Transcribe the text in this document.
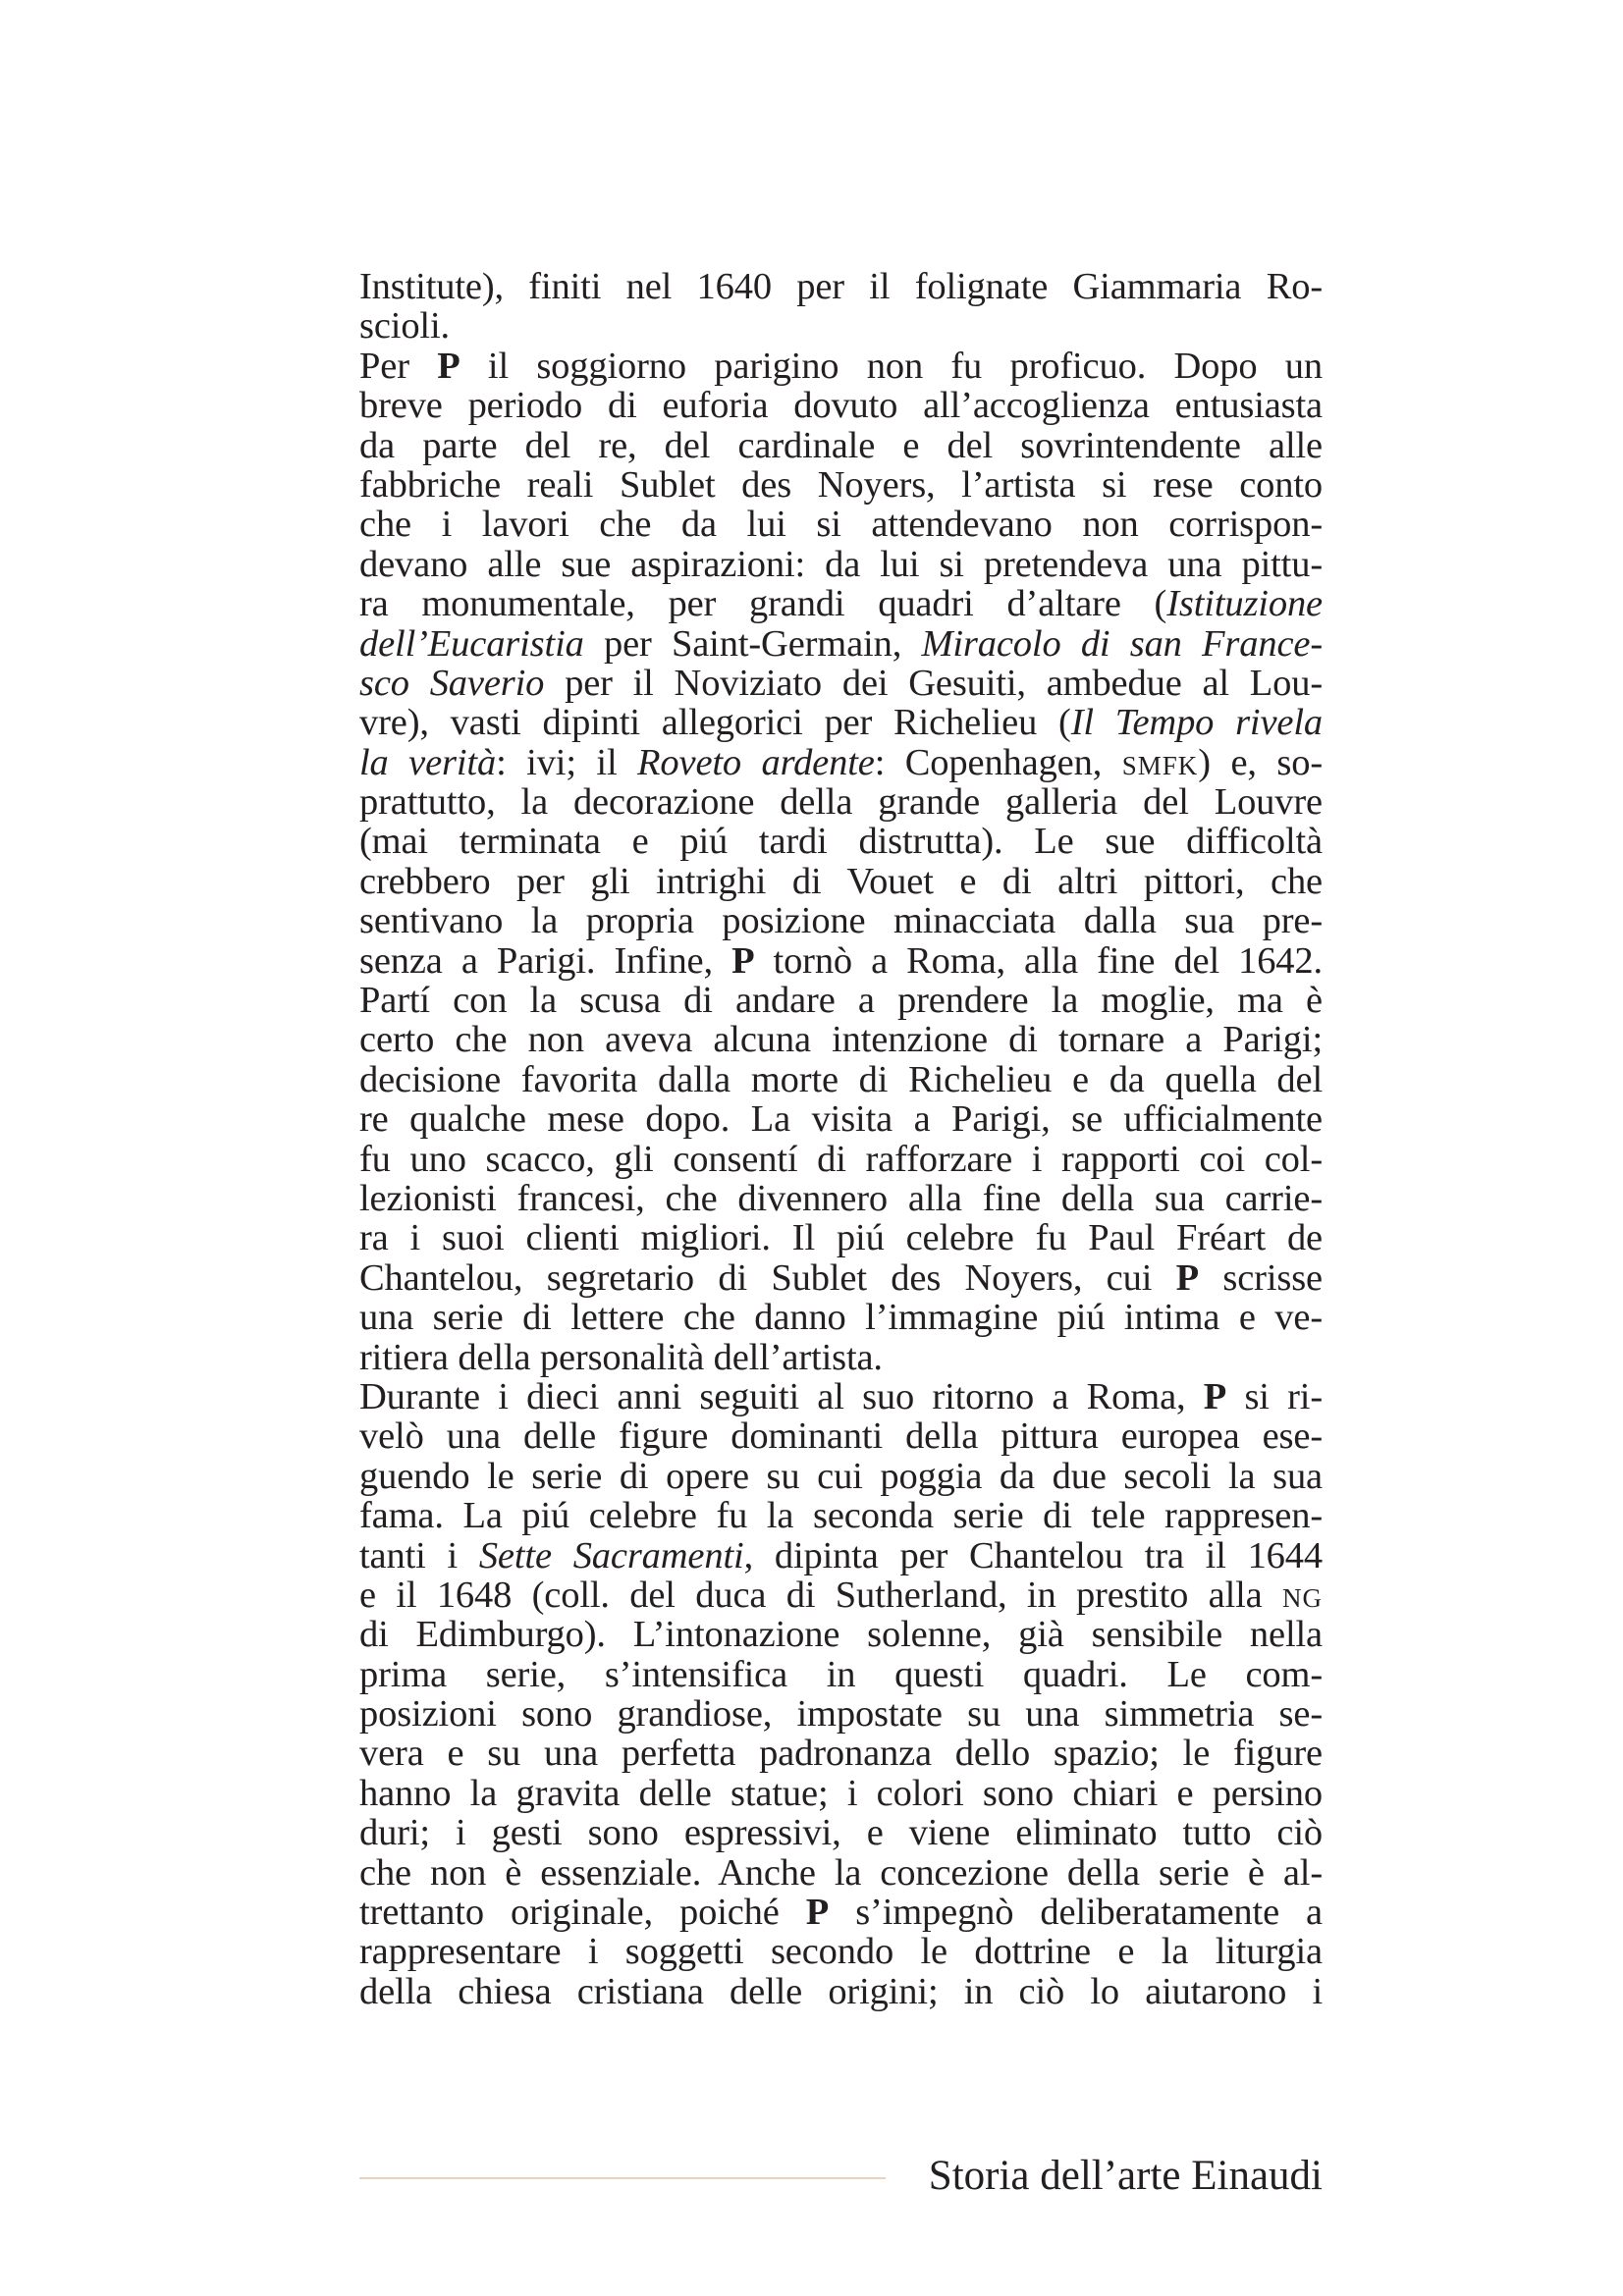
Institute), finiti nel 1640 per il folignate Giammaria Ro-
scioli.
Per P il soggiorno parigino non fu proficuo. Dopo un
breve periodo di euforia dovuto all’accoglienza entusiasta
da parte del re, del cardinale e del sovrintendente alle
fabbriche reali Sublet des Noyers, l’artista si rese conto
che i lavori che da lui si attendevano non corrispon-
devano alle sue aspirazioni: da lui si pretendeva una pittu-
ra monumentale, per grandi quadri d’altare (Istituzione
dell’Eucaristia per Saint-Germain, Miracolo di san France-
sco Saverio per il Noviziato dei Gesuiti, ambedue al Lou-
vre), vasti dipinti allegorici per Richelieu (Il Tempo rivela
la verità: ivi; il Roveto ardente: Copenhagen, smfk) e, so-
prattutto, la decorazione della grande galleria del Louvre
(mai terminata e piú tardi distrutta). Le sue difficoltà
crebbero per gli intrighi di Vouet e di altri pittori, che
sentivano la propria posizione minacciata dalla sua pre-
senza a Parigi. Infine, P tornò a Roma, alla fine del 1642.
Partí con la scusa di andare a prendere la moglie, ma è
certo che non aveva alcuna intenzione di tornare a Parigi;
decisione favorita dalla morte di Richelieu e da quella del
re qualche mese dopo. La visita a Parigi, se ufficialmente
fu uno scacco, gli consentí di rafforzare i rapporti coi col-
lezionisti francesi, che divennero alla fine della sua carrie-
ra i suoi clienti migliori. Il piú celebre fu Paul Fréart de
Chantelou, segretario di Sublet des Noyers, cui P scrisse
una serie di lettere che danno l’immagine piú intima e ve-
ritiera della personalità dell’artista.
Durante i dieci anni seguiti al suo ritorno a Roma, P si ri-
velò una delle figure dominanti della pittura europea ese-
guendo le serie di opere su cui poggia da due secoli la sua
fama. La piú celebre fu la seconda serie di tele rappresen-
tanti i Sette Sacramenti, dipinta per Chantelou tra il 1644
e il 1648 (coll. del duca di Sutherland, in prestito alla ng
di Edimburgo). L’intonazione solenne, già sensibile nella
prima serie, s’intensifica in questi quadri. Le com-
posizioni sono grandiose, impostate su una simmetria se-
vera e su una perfetta padronanza dello spazio; le figure
hanno la gravita delle statue; i colori sono chiari e persino
duri; i gesti sono espressivi, e viene eliminato tutto ciò
che non è essenziale. Anche la concezione della serie è al-
trettanto originale, poiché P s’impegnò deliberatamente a
rappresentare i soggetti secondo le dottrine e la liturgia
della chiesa cristiana delle origini; in ciò lo aiutarono i
Storia dell’arte Einaudi
